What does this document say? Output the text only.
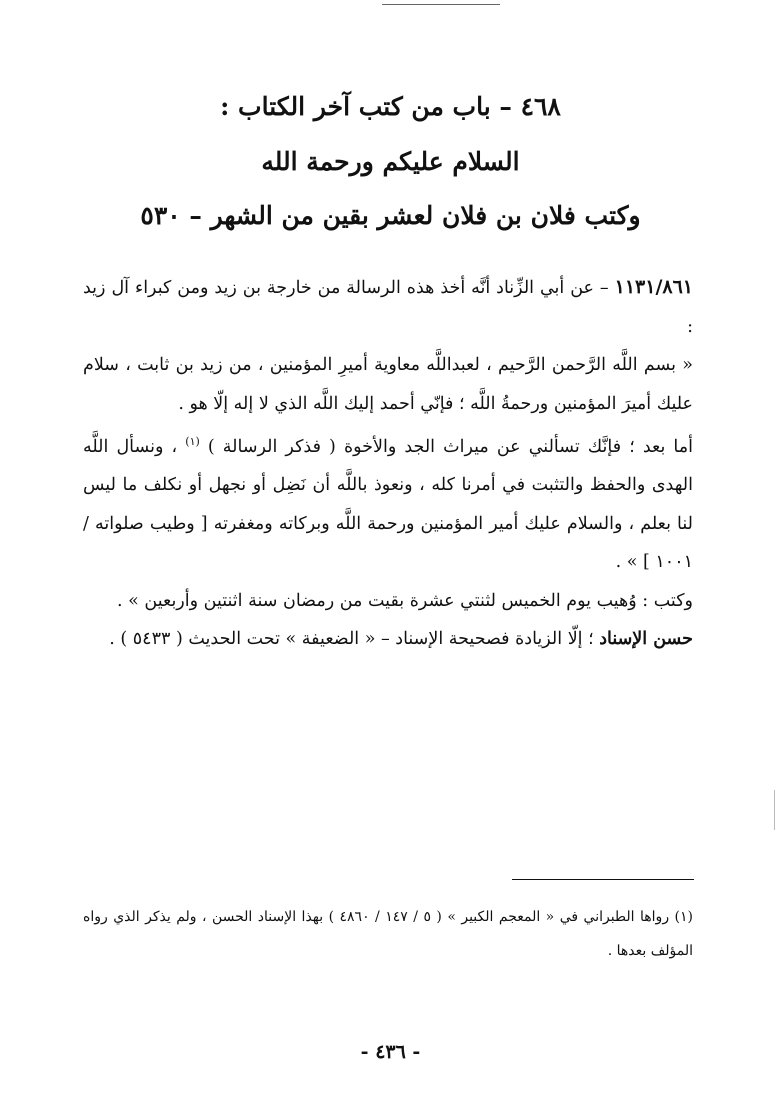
٤٦٨ – باب من كتب آخر الكتاب :
السلام عليكم ورحمة الله
وكتب فلان بن فلان لعشر بقين من الشهر – ٥٣٠

١١٣١/٨٦١ – عن أبي الزِّناد أنَّه أخذ هذه الرسالة من خارجة بن زيد ومن كبراء آل زيد :

« بسم اللَّه الرَّحمن الرَّحيم ، لعبداللَّه معاوية أميرِ المؤمنين ، من زيد بن ثابت ، سلام عليك أميرَ المؤمنين ورحمةُ اللَّه ؛ فإنّي أحمد إليك اللَّه الذي لا إله إلّا هو .

أما بعد ؛ فإنَّك تسألني عن ميراث الجد والأخوة ( فذكر الرسالة ) $^{(١)}$ ، ونسأل اللَّه الهدى والحفظ والتثبت في أمرنا كله ، ونعوذ باللَّه أن نَضِل أو نجهل أو نكلف ما ليس لنا بعلم ، والسلام عليك أمير المؤمنين ورحمة اللَّه وبركاته ومغفرته [ وطيب صلواته / ١٠٠١ ] » .

وكتب : وُهيب يوم الخميس لثنتي عشرة بقيت من رمضان سنة اثنتين وأربعين » .

حسن الإسناد ؛ إلّا الزيادة فصحيحة الإسناد – « الضعيفة » تحت الحديث ( ٥٤٣٣ ) .

(١) رواها الطبراني في « المعجم الكبير » ( ٥ / ١٤٧ / ٤٨٦٠ ) بهذا الإسناد الحسن ، ولم يذكر الذي رواه المؤلف بعدها .
- ٤٣٦ -
